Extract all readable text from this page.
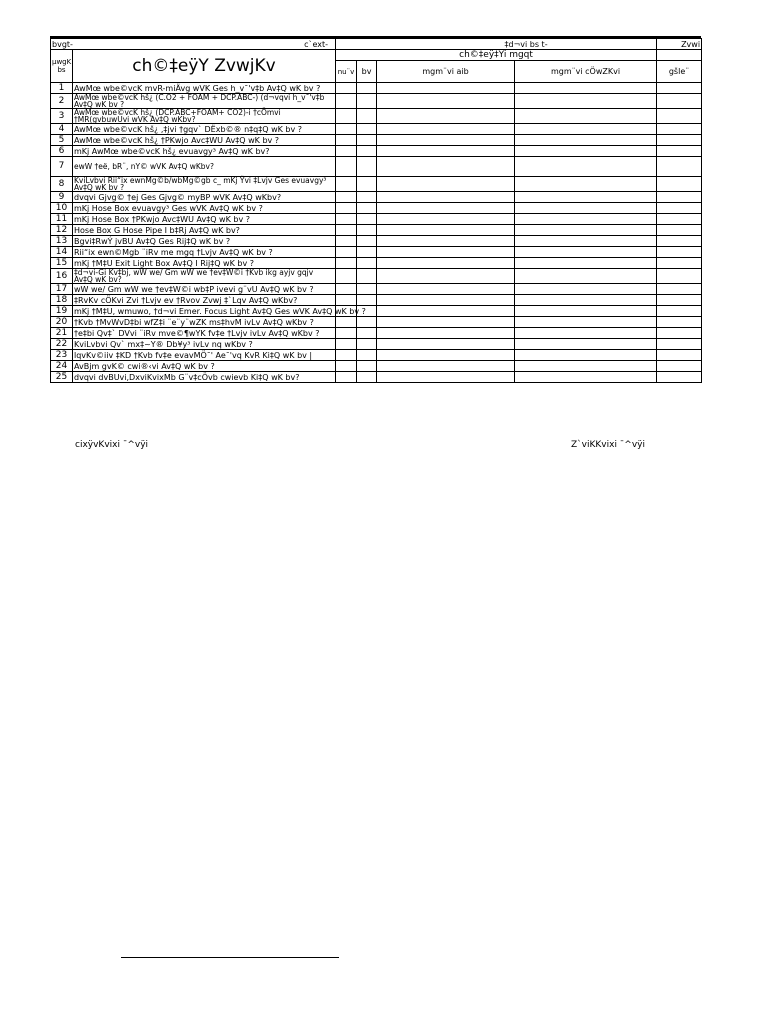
bvgt- c`ext-		‡d¬vi bs t-				Zvwi
µwgK bs	ch©‡eÿY ZvwjKv	ch©‡eÿ‡Yi mgqt				
		nu¨v	bv	mgm¨vi aib	mgm¨vi cÖwZKvi	gšle¨
1	AwMœ wbe©vcK mvR-miÄvg wVK Ges h_v¯'v‡b Av‡Q wK bv ?					
2	AwMœ wbe©vcK hš¿ (C.O2 + FOAM + DCP.ABC-) (d¬vqvi h_v¯'v‡b Av‡Q wK bv ?					
3	AwMœ wbe©vcK hš¿ (DCP.ABC+FOAM+ CO2)-i †cÖmvi †MR(gvbuwUvi wVK Av‡Q wKbv?					
4	AwMœ wbe©vcK hš¿ ,‡jvi †gqv` DËxb©® n‡q‡Q wK bv ?					
5	AwMœ wbe©vcK hš¿ †PKwjo Avc‡WU Av‡Q wK bv ?					
6	mKj AwMœ wbe©vcK hš¿ evuavgy³ Av‡Q wK bv?					
7	ewW †eë, bR¨, nY© wVK Av‡Q wKbv?					
8	KviLvbvi Rii“ix ewnMg©b/wbMg©gb c_ mKj Ÿvi ‡Lvjv Ges evuavgy³ Av‡Q wK bv ?					
9	dvqvi Gjvg© †ej Ges Gjvg© myBP wVK Av‡Q wKbv?					
10	mKj Hose Box evuavgy³ Ges wVK Av‡Q wK bv ?					
11	mKj Hose Box †PKwjo Avc‡WU Av‡Q wK bv ?					
12	Hose Box G Hose Pipe I b‡Rj Av‡Q wK bv?					
13	Bgvi‡RwÝ jvBU Av‡Q Ges Rij‡Q wK bv ?					
14	Rii“ix ewn©Mgb ¨iRv me mgq †Lvjv Av‡Q wK bv ?					
15	mKj †M‡U Exit Light Box Av‡Q I Rij‡Q wK bv ?					
16	‡d¬vi-Gi Kv‡bj, wW we/ Gm wW we †ev‡W©i †Kvb ikg ayjv gqjv Av‡Q wK bv?					
17	wW we/ Gm wW we †ev‡W©i wb‡P ivevi g¨vU Av‡Q wK bv ?					
18	‡RvKv cÖKvi Zvi †Lvjv ev †Rvov Zvwj ‡`Lqv Av‡Q wKbv?					
19	mKj †M‡U, wmuwo, †d¬vi Emer. Focus Light Av‡Q Ges wVK Av‡Q wK bv ?					
20	†Kvb †MvWvD‡bi wfZ‡i ¨e¨y¨wZK ms‡hvM ivLv Av‡Q wKbv ?					
21	†e‡bi Qv‡` DVvi ¨iRv mve©¶wYK fv‡e †Lvjv ivLv Av‡Q wKbv ?					
22	KviLvbvi Qv` mx‡~Y® Db¥y³ ivLv nq wKbv ?					
23	lqvKv©iiv ‡KD †Kvb fv‡e evavMÖ¯' Ae¯'vq KvR Ki‡Q wK bv |					
24	AvBjm gvK© cwi®‹vi Av‡Q wK bv ?					
25	dvqvi dvBUvi,DxviKvixMb G¨v‡cÖvb cwievb Ki‡Q wK bv?					
cixÿvKvixi ¯^vÿi	Z`viKKvixi ¯^vÿi
